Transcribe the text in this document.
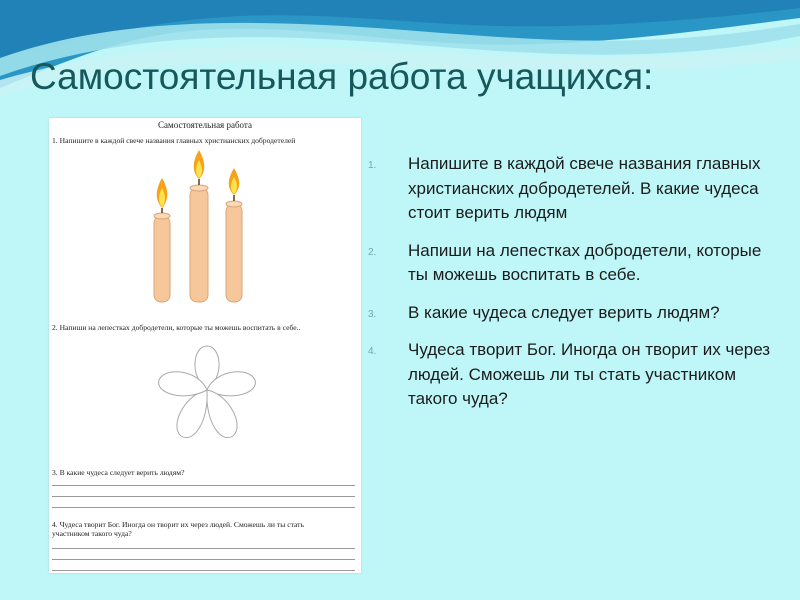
Самостоятельная работа учащихся:
Самостоятельная работа
1. Напишите в каждой свече названия главных христианских добродетелей
2. Напиши на лепестках добродетели, которые ты можешь воспитать в себе..
3. В какие чудеса следует верить людям?
4. Чудеса творит Бог. Иногда он творит их через людей. Сможешь ли ты стать
участником такого чуда?
1. Напишите в каждой свече названия главных христианских добродетелей. В какие чудеса стоит верить людям
2. Напиши на лепестках добродетели, которые ты можешь воспитать в себе.
3. В какие чудеса следует верить людям?
4. Чудеса творит Бог. Иногда он творит их через людей. Сможешь ли ты стать участником такого чуда?
